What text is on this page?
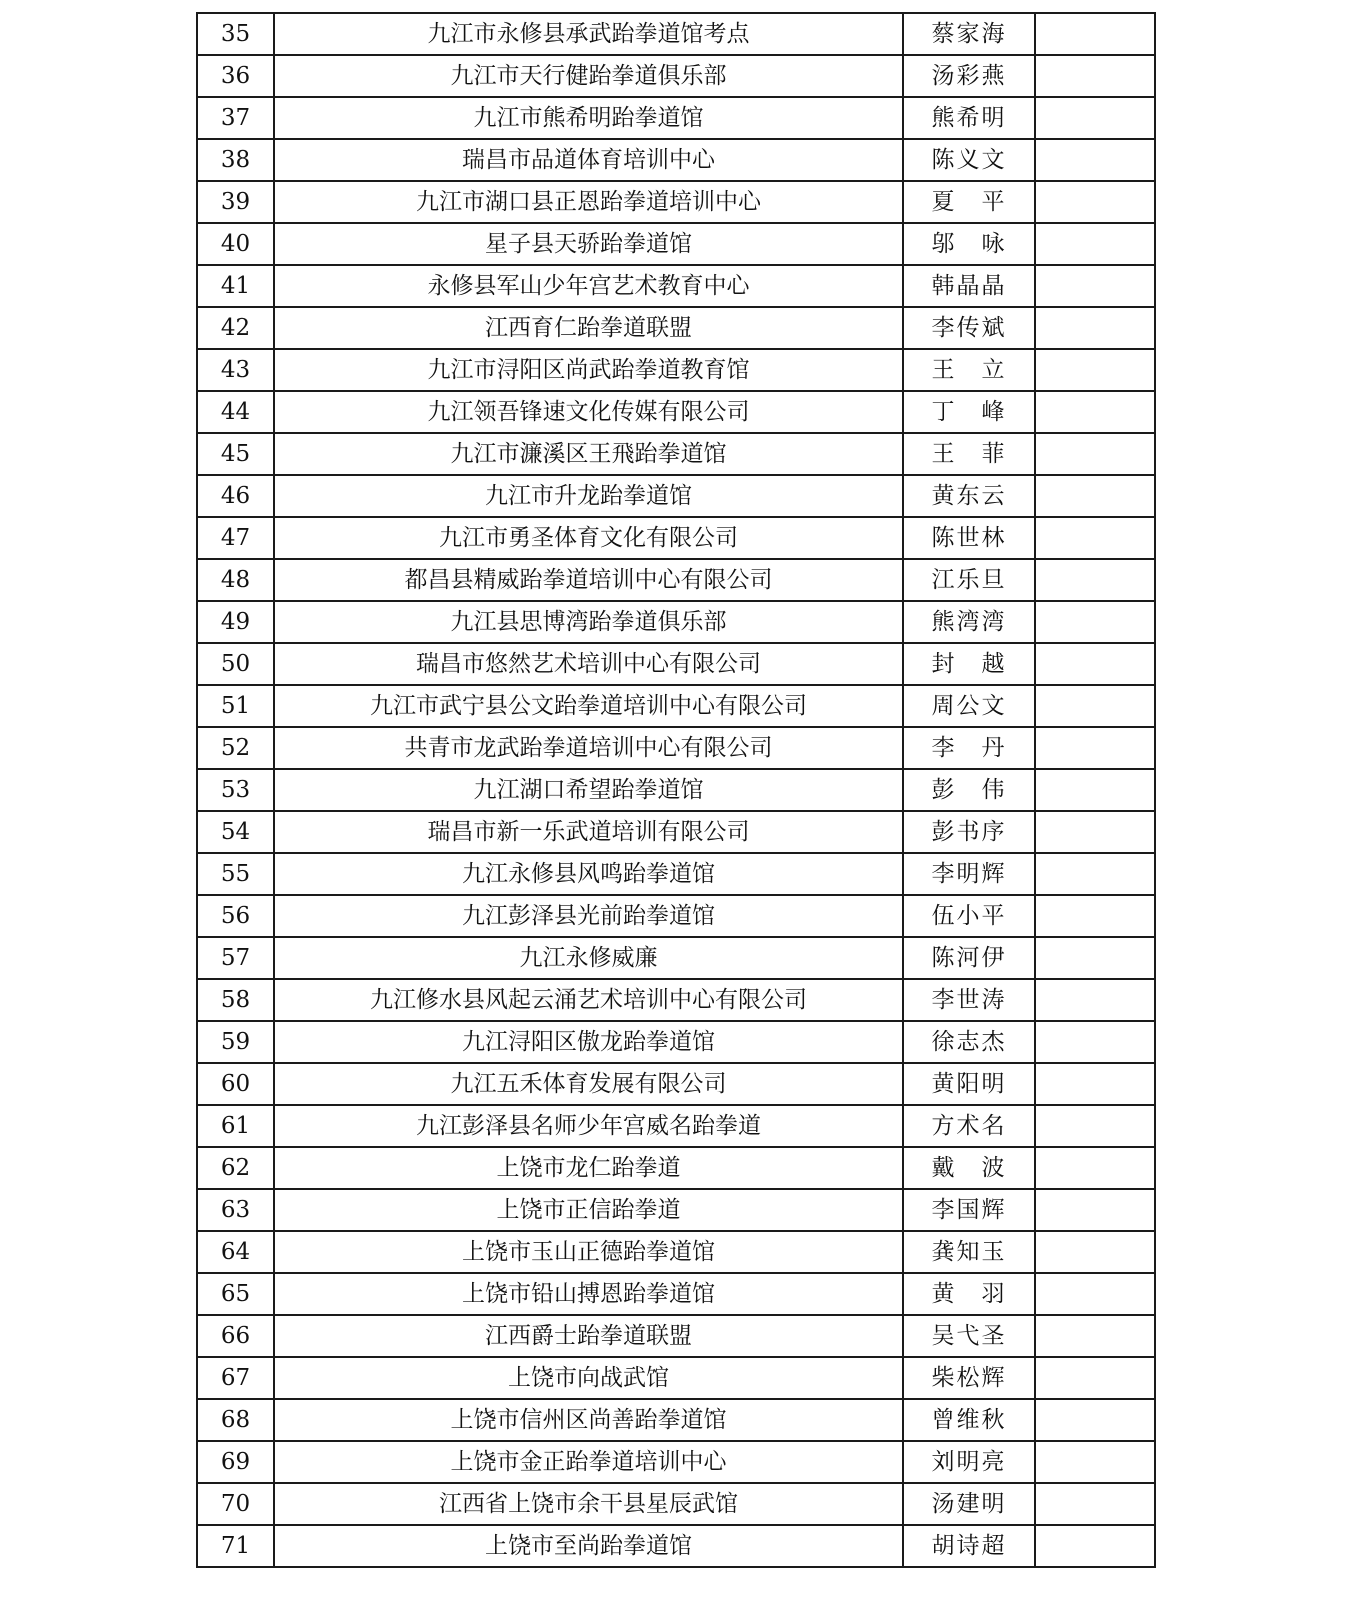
35	九江市永修县承武跆拳道馆考点	蔡家海	
36	九江市天行健跆拳道俱乐部	汤彩燕	
37	九江市熊希明跆拳道馆	熊希明	
38	瑞昌市品道体育培训中心	陈义文	
39	九江市湖口县正恩跆拳道培训中心	夏　平	
40	星子县天骄跆拳道馆	邬　咏	
41	永修县军山少年宫艺术教育中心	韩晶晶	
42	江西育仁跆拳道联盟	李传斌	
43	九江市浔阳区尚武跆拳道教育馆	王　立	
44	九江领吾锋速文化传媒有限公司	丁　峰	
45	九江市濂溪区王飛跆拳道馆	王　菲	
46	九江市升龙跆拳道馆	黄东云	
47	九江市勇圣体育文化有限公司	陈世林	
48	都昌县精威跆拳道培训中心有限公司	江乐旦	
49	九江县思博湾跆拳道俱乐部	熊湾湾	
50	瑞昌市悠然艺术培训中心有限公司	封　越	
51	九江市武宁县公文跆拳道培训中心有限公司	周公文	
52	共青市龙武跆拳道培训中心有限公司	李　丹	
53	九江湖口希望跆拳道馆	彭　伟	
54	瑞昌市新一乐武道培训有限公司	彭书序	
55	九江永修县风鸣跆拳道馆	李明辉	
56	九江彭泽县光前跆拳道馆	伍小平	
57	九江永修威廉	陈河伊	
58	九江修水县风起云涌艺术培训中心有限公司	李世涛	
59	九江浔阳区傲龙跆拳道馆	徐志杰	
60	九江五禾体育发展有限公司	黄阳明	
61	九江彭泽县名师少年宫威名跆拳道	方术名	
62	上饶市龙仁跆拳道	戴　波	
63	上饶市正信跆拳道	李国辉	
64	上饶市玉山正德跆拳道馆	龚知玉	
65	上饶市铅山搏恩跆拳道馆	黄　羽	
66	江西爵士跆拳道联盟	吴弋圣	
67	上饶市向战武馆	柴松辉	
68	上饶市信州区尚善跆拳道馆	曾维秋	
69	上饶市金正跆拳道培训中心	刘明亮	
70	江西省上饶市余干县星辰武馆	汤建明	
71	上饶市至尚跆拳道馆	胡诗超	
